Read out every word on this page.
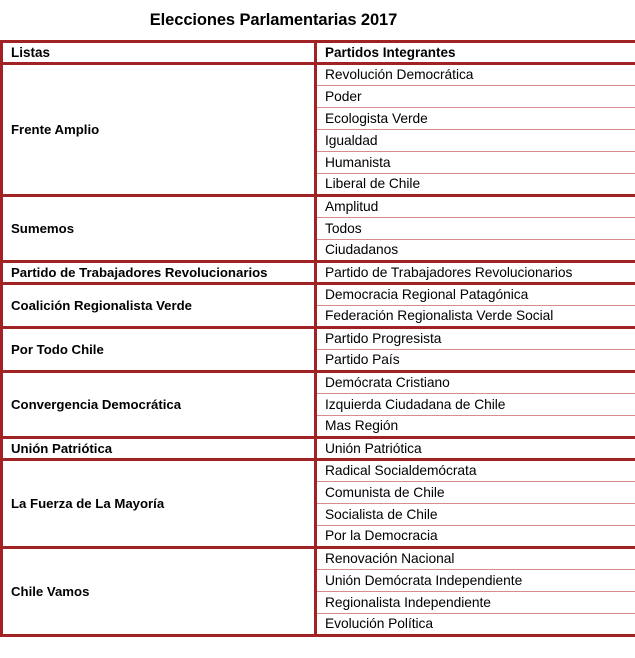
Elecciones Parlamentarias 2017
Listas	Partidos Integrantes
Frente Amplio	Revolución Democrática
	Poder
	Ecologista Verde
	Igualdad
	Humanista
	Liberal de Chile
Sumemos	Amplitud
	Todos
	Ciudadanos
Partido de Trabajadores Revolucionarios	Partido de Trabajadores Revolucionarios
Coalición Regionalista Verde	Democracia Regional Patagónica
	Federación Regionalista Verde Social
Por Todo Chile	Partido Progresista
	Partido País
Convergencia Democrática	Demócrata Cristiano
	Izquierda Ciudadana de Chile
	Mas Región
Unión Patriótica	Unión Patriótica
La Fuerza de La Mayoría	Radical Socialdemócrata
	Comunista de Chile
	Socialista de Chile
	Por la Democracia
Chile Vamos	Renovación Nacional
	Unión Demócrata Independiente
	Regionalista Independiente
	Evolución Política
